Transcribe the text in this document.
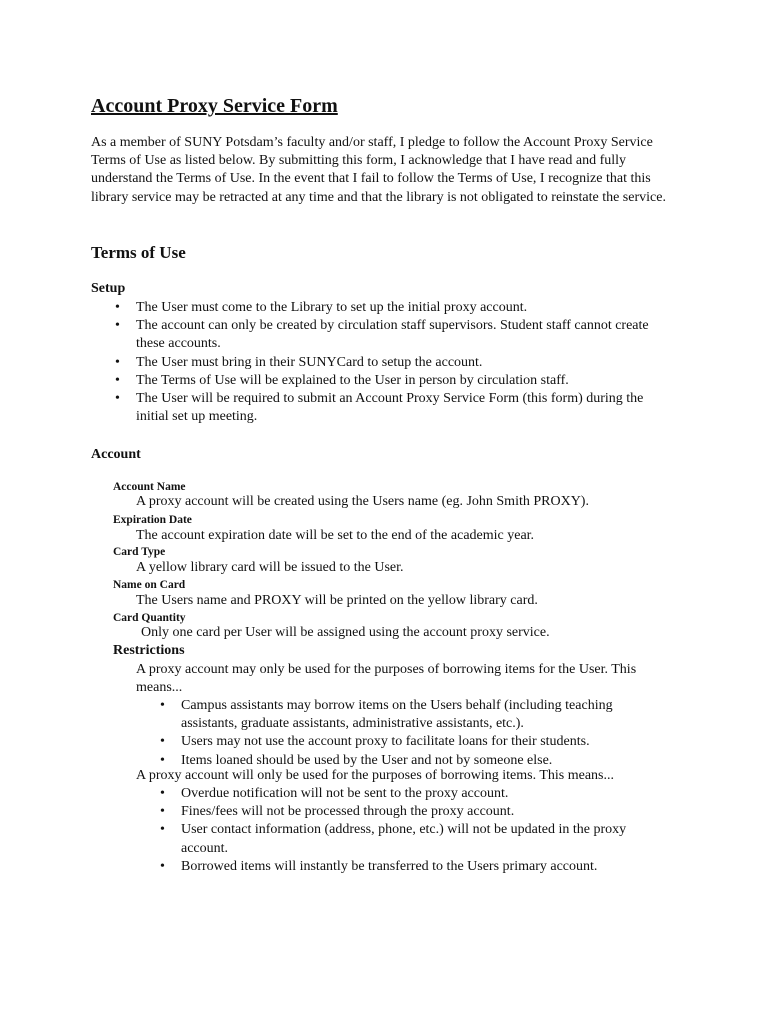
Account Proxy Service Form

As a member of SUNY Potsdam’s faculty and/or staff, I pledge to follow the Account Proxy Service Terms of Use as listed below. By submitting this form, I acknowledge that I have read and fully understand the Terms of Use. In the event that I fail to follow the Terms of Use, I recognize that this library service may be retracted at any time and that the library is not obligated to reinstate the service.

Terms of Use
Setup
• The User must come to the Library to set up the initial proxy account.
• The account can only be created by circulation staff supervisors. Student staff cannot create these accounts.
• The User must bring in their SUNYCard to setup the account.
• The Terms of Use will be explained to the User in person by circulation staff.
• The User will be required to submit an Account Proxy Service Form (this form) during the initial set up meeting.
Account
Account Name
A proxy account will be created using the Users name (eg. John Smith PROXY).
Expiration Date
The account expiration date will be set to the end of the academic year.
Card Type
A yellow library card will be issued to the User.
Name on Card
The Users name and PROXY will be printed on the yellow library card.
Card Quantity
Only one card per User will be assigned using the account proxy service.
Restrictions

A proxy account may only be used for the purposes of borrowing items for the User. This means...

• Campus assistants may borrow items on the Users behalf (including teaching assistants, graduate assistants, administrative assistants, etc.).
• Users may not use the account proxy to facilitate loans for their students.
• Items loaned should be used by the User and not by someone else.

A proxy account will only be used for the purposes of borrowing items. This means...

• Overdue notification will not be sent to the proxy account.
• Fines/fees will not be processed through the proxy account.
• User contact information (address, phone, etc.) will not be updated in the proxy account.
• Borrowed items will instantly be transferred to the Users primary account.
